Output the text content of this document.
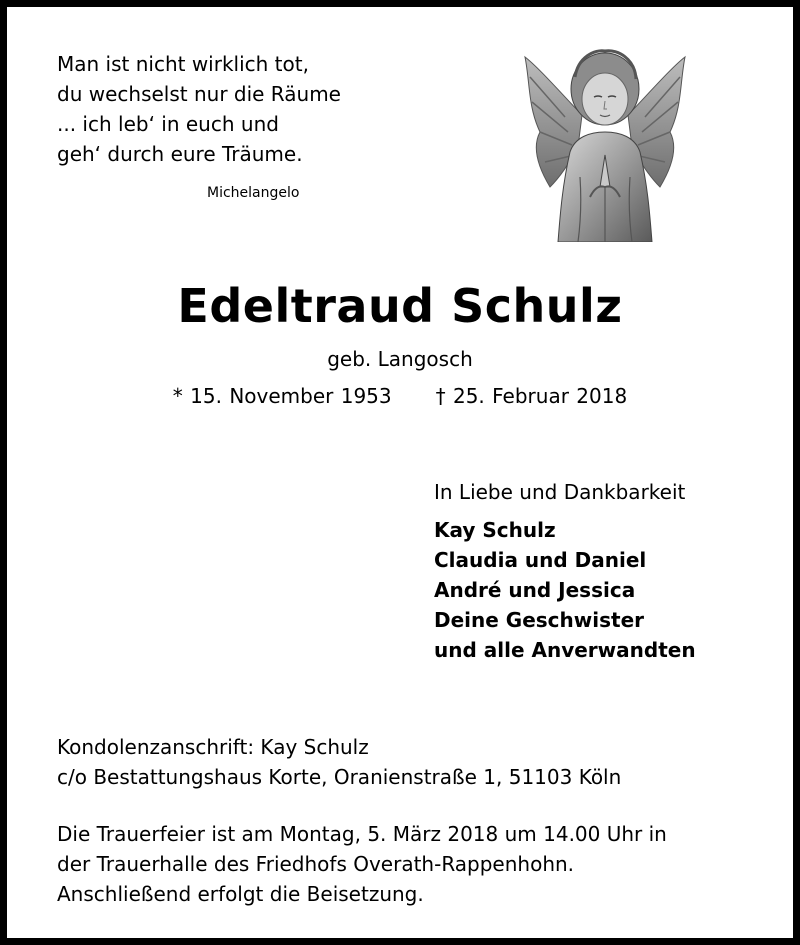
Man ist nicht wirklich tot,
du wechselst nur die Räume
... ich leb‘ in euch und
geh‘ durch eure Träume.
Michelangelo
Edeltraud Schulz
geb. Langosch
* 15. November 1953 † 25. Februar 2018
In Liebe und Dankbarkeit
Kay Schulz
Claudia und Daniel
André und Jessica
Deine Geschwister
und alle Anverwandten
Kondolenzanschrift: Kay Schulz
c/o Bestattungshaus Korte, Oranienstraße 1, 51103 Köln
Die Trauerfeier ist am Montag, 5. März 2018 um 14.00 Uhr in
der Trauerhalle des Friedhofs Overath-Rappenhohn.
Anschließend erfolgt die Beisetzung.
